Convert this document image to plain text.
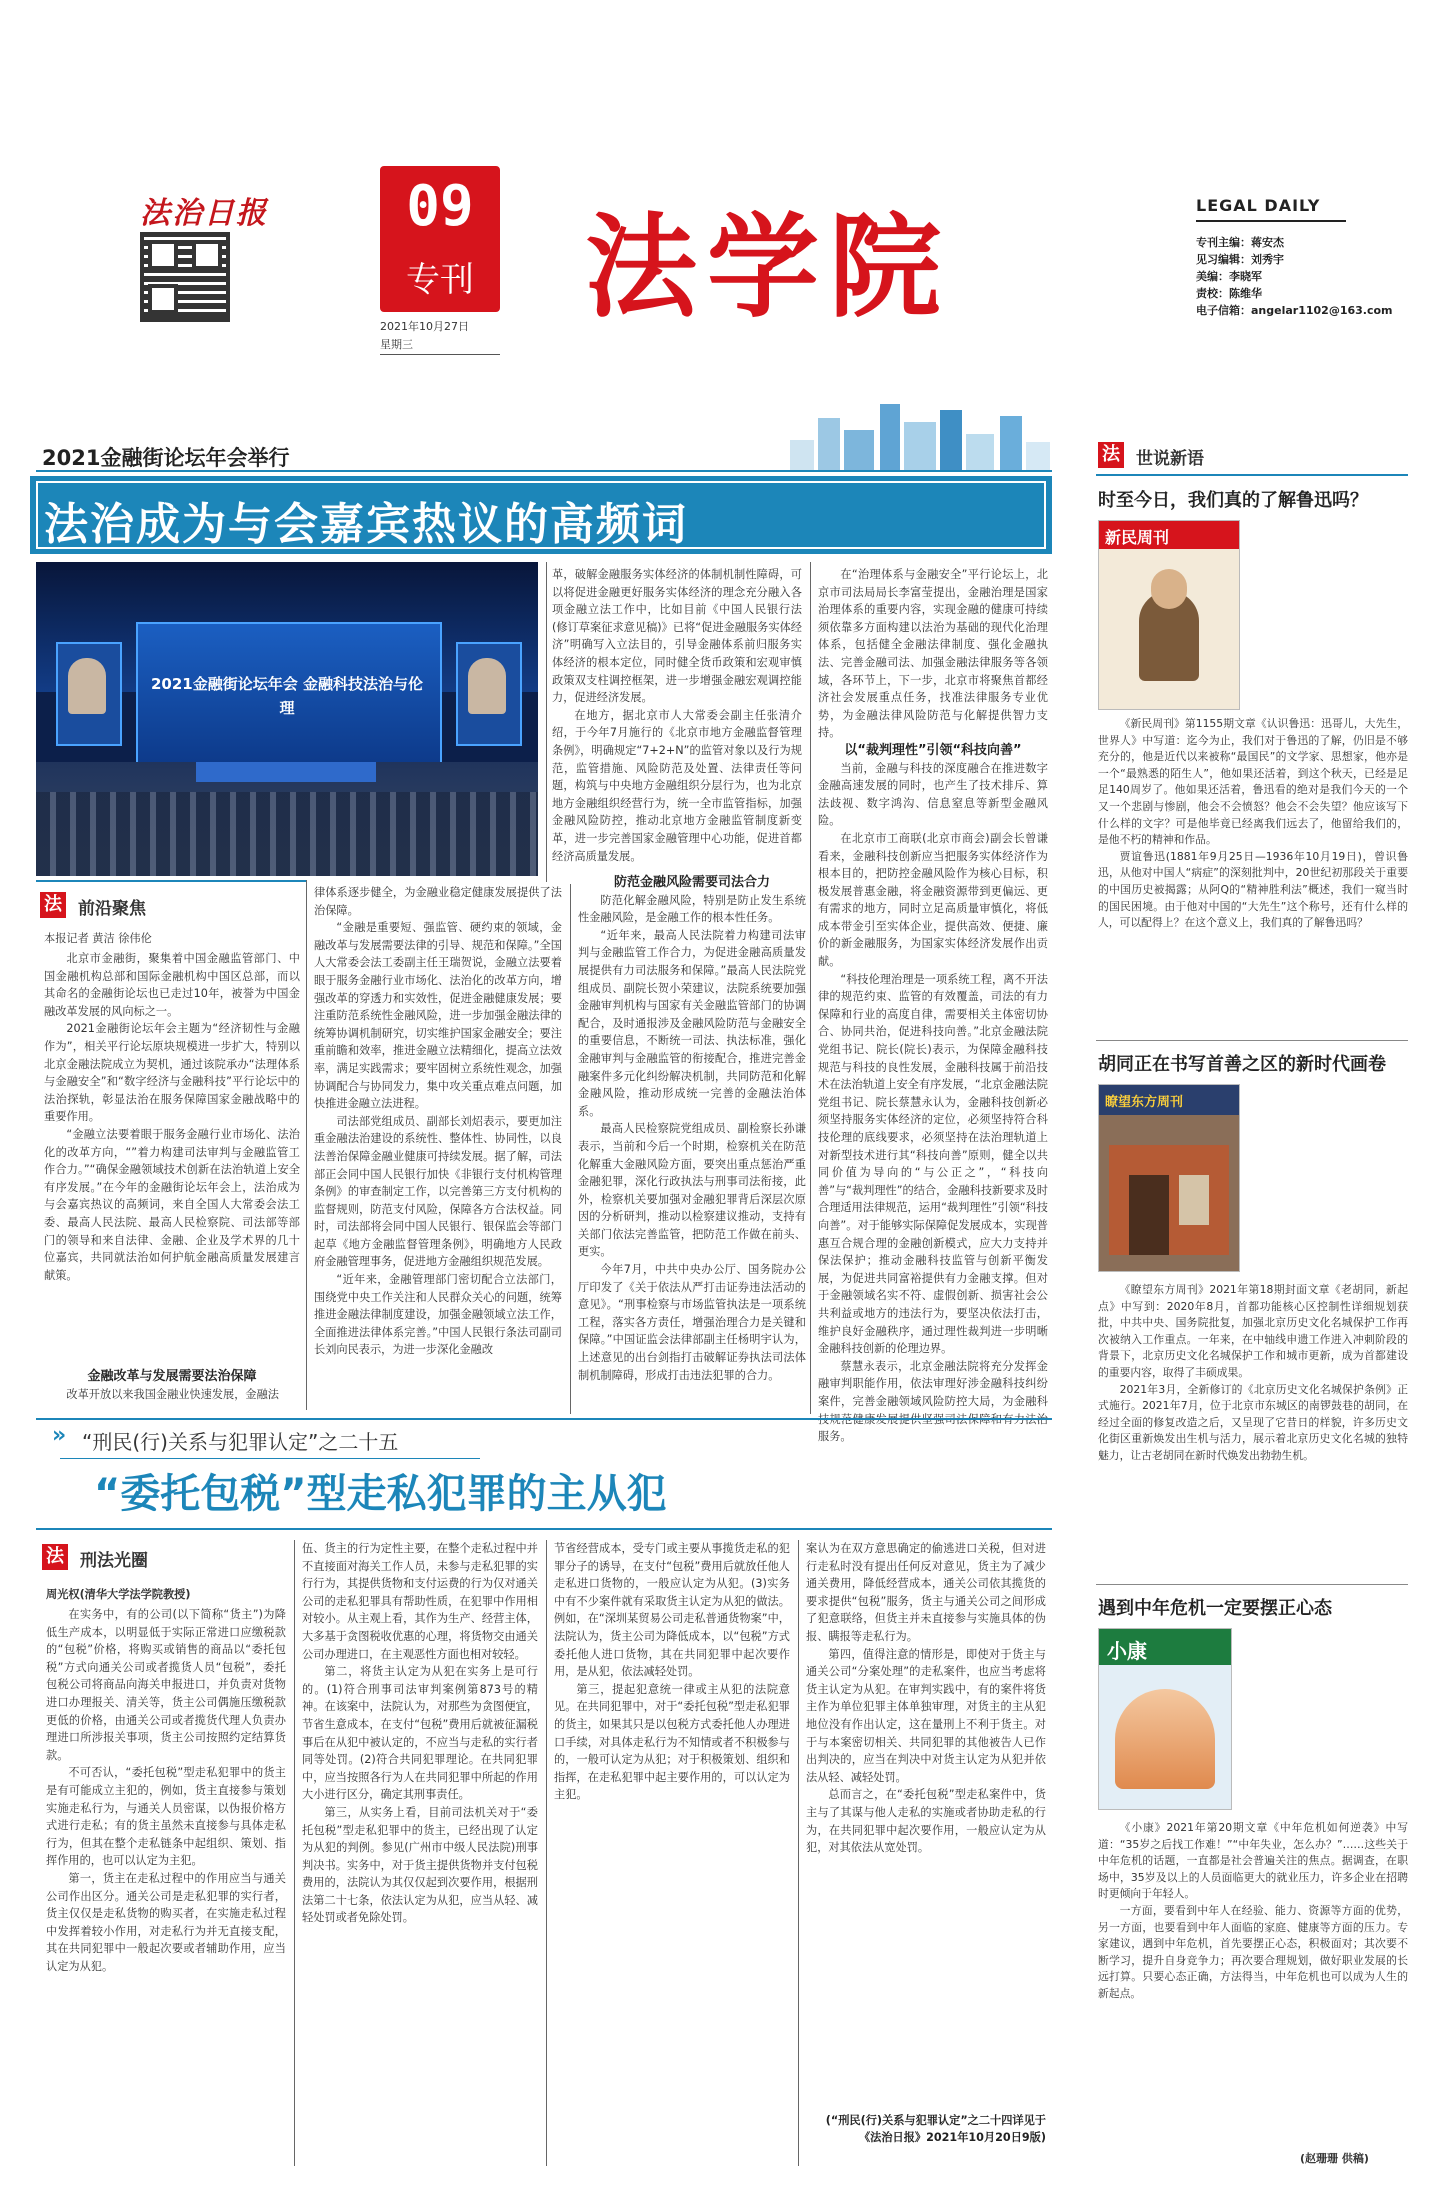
法治日报	09
专刊
2021年10月27日
星期三
法学院	LEGAL DAILY
专刊主编：蒋安杰
见习编辑：刘秀宇
美编：李晓军
责校：陈维华
电子信箱：angelar1102@163.com
2021金融街论坛年会举行
法治成为与会嘉宾热议的高频词
2021金融街论坛年会 金融科技法治与伦理
法 前沿聚焦
本报记者 黄洁 徐伟伦

北京市金融街，聚集着中国金融监管部门、中国金融机构总部和国际金融机构中国区总部，而以其命名的金融街论坛也已走过10年，被誉为中国金融改革发展的风向标之一。

2021金融街论坛年会主题为“经济韧性与金融作为”，相关平行论坛原块规模进一步扩大，特别以北京金融法院成立为契机，通过该院承办“法理体系与金融安全”和“数字经济与金融科技”平行论坛中的法治探轨，彰显法治在服务保障国家金融战略中的重要作用。

“金融立法要着眼于服务金融行业市场化、法治化的改革方向，“”着力构建司法审判与金融监管工作合力。”“确保金融领域技术创新在法治轨道上安全有序发展。”在今年的金融街论坛年会上，法治成为与会嘉宾热议的高频词，来自全国人大常委会法工委、最高人民法院、最高人民检察院、司法部等部门的领导和来自法律、金融、企业及学术界的几十位嘉宾，共同就法治如何护航金融高质量发展建言献策。

金融改革与发展需要法治保障

改革开放以来我国金融业快速发展，金融法

律体系逐步健全，为金融业稳定健康发展提供了法治保障。

“金融是重要短、强监管、硬约束的领域，金融改革与发展需要法律的引导、规范和保障。”全国人大常委会法工委副主任王瑞贺说，金融立法要着眼于服务金融行业市场化、法治化的改革方向，增强改革的穿透力和实效性，促进金融健康发展；要注重防范系统性金融风险，进一步加强金融法律的统筹协调机制研究，切实维护国家金融安全；要注重前瞻和效率，推进金融立法精细化，提高立法效率，满足实践需求；要牢固树立系统性观念，加强协调配合与协同发力，集中攻关重点难点问题，加快推进金融立法进程。

司法部党组成员、副部长刘炤表示，要更加注重金融法治建设的系统性、整体性、协同性，以良法善治保障金融业健康可持续发展。据了解，司法部正会同中国人民银行加快《非银行支付机构管理条例》的审查制定工作，以完善第三方支付机构的监督规则，防范支付风险，保障各方合法权益。同时，司法部将会同中国人民银行、银保监会等部门起草《地方金融监督管理条例》，明确地方人民政府金融管理事务，促进地方金融组织规范发展。

“近年来，金融管理部门密切配合立法部门，围绕党中央工作关注和人民群众关心的问题，统筹推进金融法律制度建设，加强金融领域立法工作，全面推进法律体系完善。”中国人民银行条法司副司长刘向民表示，为进一步深化金融改

革，破解金融服务实体经济的体制机制性障碍，可以将促进金融更好服务实体经济的理念充分融入各项金融立法工作中，比如目前《中国人民银行法(修订草案征求意见稿)》已将“促进金融服务实体经济”明确写入立法目的，引导金融体系前归服务实体经济的根本定位，同时健全货币政策和宏观审慎政策双支柱调控框架，进一步增强金融宏观调控能力，促进经济发展。

在地方，据北京市人大常委会副主任张清介绍，于今年7月施行的《北京市地方金融监督管理条例》，明确规定“7+2+N”的监管对象以及行为规范，监管措施、风险防范及处置、法律责任等问题，构筑与中央地方金融组织分层行为，也为北京地方金融组织经营行为，统一全市监管指标，加强金融风险防控，推动北京地方金融监管制度新变革，进一步完善国家金融管理中心功能，促进首都经济高质量发展。

防范金融风险需要司法合力

防范化解金融风险，特别是防止发生系统性金融风险，是金融工作的根本性任务。

“近年来，最高人民法院着力构建司法审判与金融监管工作合力，为促进金融高质量发展提供有力司法服务和保障。”最高人民法院党组成员、副院长贺小荣建议，法院系统要加强金融审判机构与国家有关金融监管部门的协调配合，及时通报涉及金融风险防范与金融安全的重要信息，不断统一司法、执法标准，强化金融审判与金融监管的衔接配合，推进完善金融案件多元化纠纷解决机制，共同防范和化解金融风险，推动形成统一完善的金融法治体系。

最高人民检察院党组成员、副检察长孙谦表示，当前和今后一个时期，检察机关在防范化解重大金融风险方面，要突出重点惩治严重金融犯罪，深化行政执法与刑事司法衔接，此外，检察机关要加强对金融犯罪背后深层次原因的分析研判，推动以检察建议推动，支持有关部门依法完善监管，把防范工作做在前头、更实。

今年7月，中共中央办公厅、国务院办公厅印发了《关于依法从严打击证券违法活动的意见》。“刑事检察与市场监管执法是一项系统工程，落实各方责任，增强治理合力是关键和保障。”中国证监会法律部副主任杨明宇认为，上述意见的出台剑指打击破解证券执法司法体制机制障碍，形成打击违法犯罪的合力。

在“治理体系与金融安全”平行论坛上，北京市司法局局长李富莹提出，金融治理是国家治理体系的重要内容，实现金融的健康可持续须依靠多方面构建以法治为基础的现代化治理体系，包括健全金融法律制度、强化金融执法、完善金融司法、加强金融法律服务等各领域，各环节上，下一步，北京市将聚焦首都经济社会发展重点任务，找准法律服务专业优势，为金融法律风险防范与化解提供智力支持。

以“裁判理性”引领“科技向善”

当前，金融与科技的深度融合在推进数字金融高速发展的同时，也产生了技术排斥、算法歧视、数字鸿沟、信息窒息等新型金融风险。

在北京市工商联(北京市商会)副会长曾谦看来，金融科技创新应当把服务实体经济作为根本目的，把防控金融风险作为核心目标，积极发展普惠金融，将金融资源带到更偏远、更有需求的地方，同时立足高质量审慎化，将低成本带金引至实体企业，提供高效、便捷、廉价的新金融服务，为国家实体经济发展作出贡献。

“科技伦理治理是一项系统工程，离不开法律的规范约束、监管的有效覆盖，司法的有力保障和行业的高度自律，需要相关主体密切协合、协同共治，促进科技向善。”北京金融法院党组书记、院长(院长)表示，为保障金融科技规范与科技的良性发展，金融科技属于前沿技术在法治轨道上安全有序发展，“北京金融法院党组书记、院长蔡慧永认为，金融科技创新必须坚持服务实体经济的定位，必须坚持符合科技伦理的底线要求，必须坚持在法治理轨道上对新型技术进行其“科技向善”原则，健全以共同价值为导向的“与公正之”，“科技向善”与“裁判理性”的结合，金融科技新要求及时合理适用法律规范，运用“裁判理性”引领“科技向善”。对于能够实际保障促发展成本，实现普惠互合规合理的金融创新模式，应大力支持并保法保护；推动金融科技监管与创新平衡发展，为促进共同富裕提供有力金融支撑。但对于金融领域名实不符、虚假创新、损害社会公共利益或地方的违法行为，要坚决依法打击，维护良好金融秩序，通过理性裁判进一步明晰金融科技创新的伦理边界。

蔡慧永表示，北京金融法院将充分发挥金融审判职能作用，依法审理好涉金融科技纠纷案件，完善金融领域风险防控大局，为金融科 服务。

» “刑民(行)关系与犯罪认定”之二十五
“委托包税”型走私犯罪的主从犯
法 刑法光圈
周光权(清华大学法学院教授)

在实务中，有的公司(以下简称“货主”)为降低生产成本，以明显低于实际正常进口应缴税款的“包税”价格，将购买或销售的商品以“委托包税”方式向通关公司或者揽货人员“包税”，委托包税公司将商品向海关申报进口，并负责对货物进口办理报关、清关等，货主公司偶施压缴税款更低的价格，由通关公司或者揽货代理人负责办理进口所涉报关事项，货主公司按照约定结算货款。

不可否认，“委托包税”型走私犯罪中的货主是有可能成立主犯的，例如，货主直接参与策划实施走私行为，与通关人员密谋，以伪报价格方式进行走私；有的货主虽然未直接参与具体走私行为，但其在整个走私链条中起组织、策划、指挥作用的，也可以认定为主犯。

第一，货主在走私过程中的作用应当与通关公司作出区分。通关公司是走私犯罪的实行者，货主仅仅是走私货物的购买者，在实施走私过程中发挥着较小作用，对走私行为并无直接支配，其在共同犯罪中一般起次要或者辅助作用，应当认定为从犯。

伍、货主的行为定性主要，在整个走私过程中并不直接面对海关工作人员，未参与走私犯罪的实行行为，其提供货物和支付运费的行为仅对通关公司的走私犯罪具有帮助性质，在犯罪中作用相对较小。从主观上看，其作为生产、经营主体，大多基于贪图税收优惠的心理，将货物交由通关公司办理进口，在主观恶性方面也相对较轻。

第二，将货主认定为从犯在实务上是可行的。(1)符合刑事司法审判案例第873号的精神。在该案中，法院认为，对那些为贪图便宜，节省生意成本，在支付“包税”费用后就被征漏税事后在从犯中被认定的，不应当与走私的实行者同等处罚。(2)符合共同犯罪理论。在共同犯罪中，应当按照各行为人在共同犯罪中所起的作用大小进行区分，确定其刑事责任。

第三，从实务上看，目前司法机关对于“委托包税”型走私犯罪中的货主，已经出现了认定为从犯的判例。参见(广州市中级人民法院)刑事判决书。实务中，对于货主提供货物并支付包税费用的，法院认为其仅仅起到次要作用，根据刑法第二十七条，依法认定为从犯，应当从轻、减轻处罚或者免除处罚。

节省经营成本，受专门或主要从事揽货走私的犯罪分子的诱导，在支付“包税”费用后就放任他人走私进口货物的，一般应认定为从犯。(3)实务中有不少案件就有采取货主认定为从犯的做法。例如，在“深圳某贸易公司走私普通货物案”中，法院认为，货主公司为降低成本，以“包税”方式委托他人进口货物，其在共同犯罪中起次要作用，是从犯，依法减轻处罚。

第三，提起犯意统一律或主从犯的法院意见。在共同犯罪中，对于“委托包税”型走私犯罪的货主，如果其只是以包税方式委托他人办理进口手续，对具体走私行为不知情或者不积极参与的，一般可认定为从犯；对于积极策划、组织和指挥，在走私犯罪中起主要作用的，可以认定为主犯。

案认为在双方意思确定的偷逃进口关税，但对进行走私时没有提出任何反对意见，货主为了减少通关费用，降低经营成本，通关公司依其揽货的要求提供“包税”服务，货主与通关公司之间形成了犯意联络，但货主并未直接参与实施具体的伪报、瞒报等走私行为。

第四，值得注意的情形是，即使对于货主与通关公司“分案处理”的走私案件，也应当考虑将货主认定为从犯。在审判实践中，有的案件将货主作为单位犯罪主体单独审理，对货主的主从犯地位没有作出认定，这在量刑上不利于货主。对于与本案密切相关、共同犯罪的其他被告人已作出判决的，应当在判决中对货主认定为从犯并依法从轻、减轻处罚。

总而言之，在“委托包税”型走私案件中，货主与了其谋与他人走私的实施或者协助走私的行为，在共同犯罪中起次要作用，一般应认定为从犯，对其依法从宽处罚。

(“刑民(行)关系与犯罪认定”之二十四详见于《法治日报》2021年10月20日9版)
法 世说新语
时至今日，我们真的了解鲁迅吗？
新民周刊

《新民周刊》第1155期文章《认识鲁迅：迅哥儿，大先生，世界人》中写道：迄今为止，我们对于鲁迅的了解，仍旧是不够充分的，他是近代以来被称“最国民”的文学家、思想家，他亦是一个“最熟悉的陌生人”，他如果还活着，到这个秋天，已经是足足140周岁了。他如果还活着，鲁迅看的绝对是我们今天的一个又一个悲剧与惨剧，他会不会愤怒？他会不会失望？他应该写下什么样的文字？可是他毕竟已经离我们远去了，他留给我们的，是他不朽的精神和作品。

贾谊鲁迅(1881年9月25日—1936年10月19日)，曾识鲁迅，从他对中国人“病症”的深刻批判中，20世纪初那段关于重要的中国历史被揭露；从阿Q的“精神胜利法”概述，我们一窥当时的国民困境。由于他对中国的“大先生”这个称号，还有什么样的人，可以配得上？在这个意义上，我们真的了解鲁迅吗？

胡同正在书写首善之区的新时代画卷
瞭望东方周刊

《瞭望东方周刊》2021年第18期封面文章《老胡同，新起点》中写到：2020年8月，首都功能核心区控制性详细规划获批，中共中央、国务院批复，加强北京历史文化名城保护工作再次被纳入工作重点。一年来，在中轴线申遗工作进入冲刺阶段的背景下，北京历史文化名城保护工作和城市更新，成为首都建设的重要内容，取得了丰硕成果。

2021年3月，全新修订的《北京历史文化名城保护条例》正式施行。2021年7月，位于北京市东城区的南锣鼓巷的胡同，在经过全面的修复改造之后，又呈现了它昔日的样貌，许多历史文化街区重新焕发出生机与活力，展示着北京历史文化名城的独特魅力，让古老胡同在新时代焕发出勃勃生机。

遇到中年危机一定要摆正心态
小康

《小康》2021年第20期文章《中年危机如何逆袭》中写道：“35岁之后找工作难！”“中年失业，怎么办？”……这些关于中年危机的话题，一直都是社会普遍关注的焦点。据调查，在职场中，35岁及以上的人员面临更大的就业压力，许多企业在招聘时更倾向于年轻人。

一方面，要看到中年人在经验、能力、资源等方面的优势，另一方面，也要看到中年人面临的家庭、健康等方面的压力。专家建议，遇到中年危机，首先要摆正心态，积极面对；其次要不断学习，提升自身竞争力；再次要合理规划，做好职业发展的长远打算。只要心态正确，方法得当，中年危机也可以成为人生的新起点。

(赵珊珊 供稿)
